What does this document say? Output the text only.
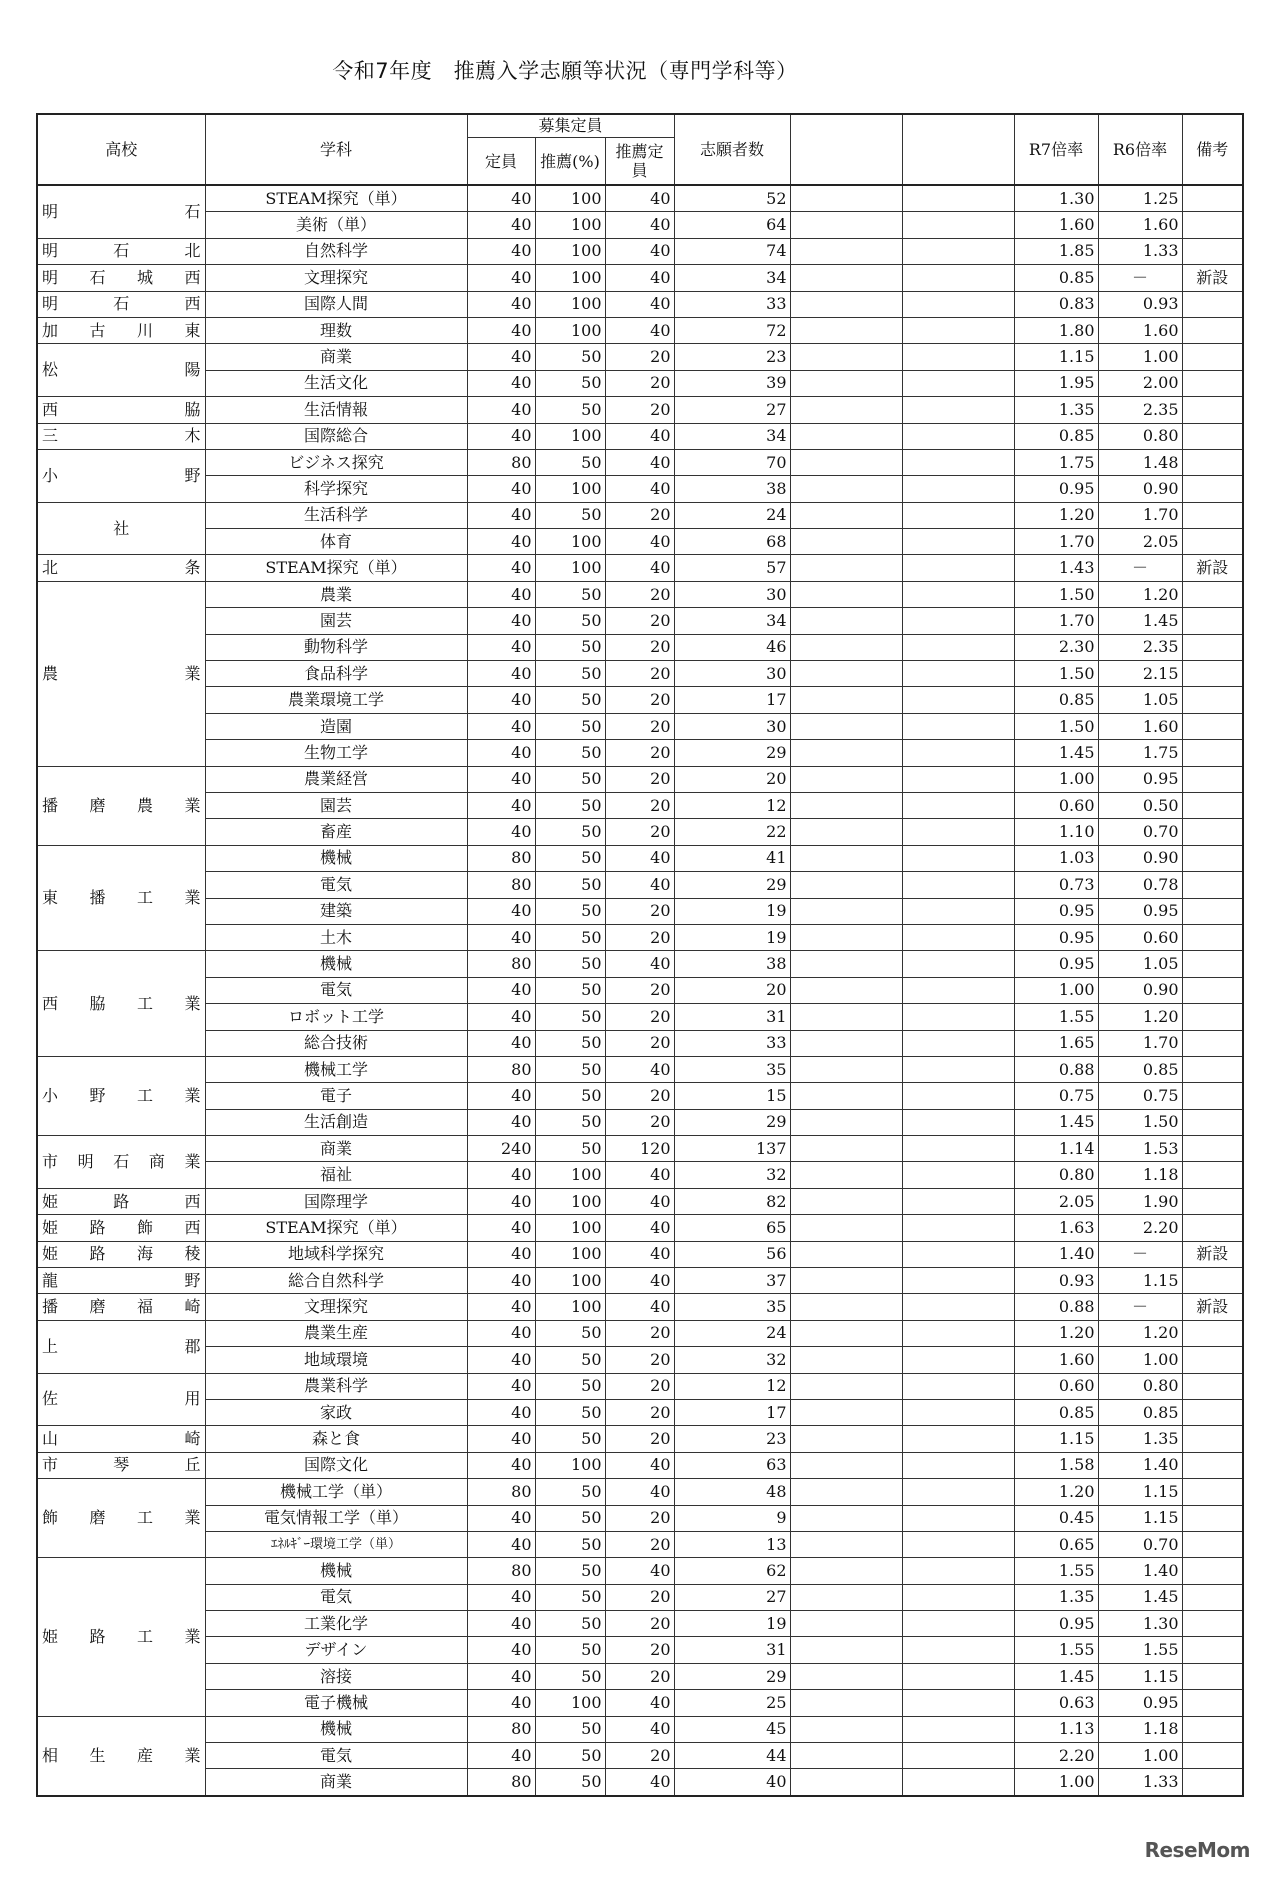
令和7年度　推薦入学志願等状況（専門学科等）
高校	学科	募集定員			志願者数			R7倍率	R6倍率	備考
		定員	推薦(%)	推薦定員						

明 石	STEAM探究（単）	40	100	40	52			1.30	1.25	
	美術（単）	40	100	40	64			1.60	1.60	

明 石 北	自然科学	40	100	40	74			1.85	1.33	

明 石 城 西	文理探究	40	100	40	34			0.85	－	新設

明 石 西	国際人間	40	100	40	33			0.83	0.93	

加 古 川 東	理数	40	100	40	72			1.80	1.60	

松 陽	商業	40	50	20	23			1.15	1.00	
	生活文化	40	50	20	39			1.95	2.00	

西 脇	生活情報	40	50	20	27			1.35	2.35	

三 木	国際総合	40	100	40	34			0.85	0.80	

小 野	ビジネス探究	80	50	40	70			1.75	1.48	
	科学探究	40	100	40	38			0.95	0.90	

社	生活科学	40	50	20	24			1.20	1.70	
	体育	40	100	40	68			1.70	2.05	

北 条	STEAM探究（単）	40	100	40	57			1.43	－	新設

農 業	農業	40	50	20	30			1.50	1.20	
	園芸	40	50	20	34			1.70	1.45	
	動物科学	40	50	20	46			2.30	2.35	
	食品科学	40	50	20	30			1.50	2.15	
	農業環境工学	40	50	20	17			0.85	1.05	
	造園	40	50	20	30			1.50	1.60	
	生物工学	40	50	20	29			1.45	1.75	

播 磨 農 業	農業経営	40	50	20	20			1.00	0.95	
	園芸	40	50	20	12			0.60	0.50	
	畜産	40	50	20	22			1.10	0.70	

東 播 工 業	機械	80	50	40	41			1.03	0.90	
	電気	80	50	40	29			0.73	0.78	
	建築	40	50	20	19			0.95	0.95	
	土木	40	50	20	19			0.95	0.60	

西 脇 工 業	機械	80	50	40	38			0.95	1.05	
	電気	40	50	20	20			1.00	0.90	
	ロボット工学	40	50	20	31			1.55	1.20	
	総合技術	40	50	20	33			1.65	1.70	

小 野 工 業	機械工学	80	50	40	35			0.88	0.85	
	電子	40	50	20	15			0.75	0.75	
	生活創造	40	50	20	29			1.45	1.50	

市 明 石 商 業	商業	240	50	120	137			1.14	1.53	
	福祉	40	100	40	32			0.80	1.18	

姫 路 西	国際理学	40	100	40	82			2.05	1.90	

姫 路 飾 西	STEAM探究（単）	40	100	40	65			1.63	2.20	

姫 路 海 稜	地域科学探究	40	100	40	56			1.40	－	新設

龍 野	総合自然科学	40	100	40	37			0.93	1.15	

播 磨 福 崎	文理探究	40	100	40	35			0.88	－	新設

上 郡	農業生産	40	50	20	24			1.20	1.20	
	地域環境	40	50	20	32			1.60	1.00	

佐 用	農業科学	40	50	20	12			0.60	0.80	
	家政	40	50	20	17			0.85	0.85	

山 崎	森と食	40	50	20	23			1.15	1.35	

市 琴 丘	国際文化	40	100	40	63			1.58	1.40	

飾 磨 工 業	機械工学（単）	80	50	40	48			1.20	1.15	
	電気情報工学（単）	40	50	20	9			0.45	1.15	
	ｴﾈﾙｷﾞｰ環境工学（単）	40	50	20	13			0.65	0.70	

姫 路 工 業	機械	80	50	40	62			1.55	1.40	
	電気	40	50	20	27			1.35	1.45	
	工業化学	40	50	20	19			0.95	1.30	
	デザイン	40	50	20	31			1.55	1.55	
	溶接	40	50	20	29			1.45	1.15	
	電子機械	40	100	40	25			0.63	0.95	

相 生 産 業	機械	80	50	40	45			1.13	1.18	
	電気	40	50	20	44			2.20	1.00	
	商業	80	50	40	40			1.00	1.33	
ReseMom
